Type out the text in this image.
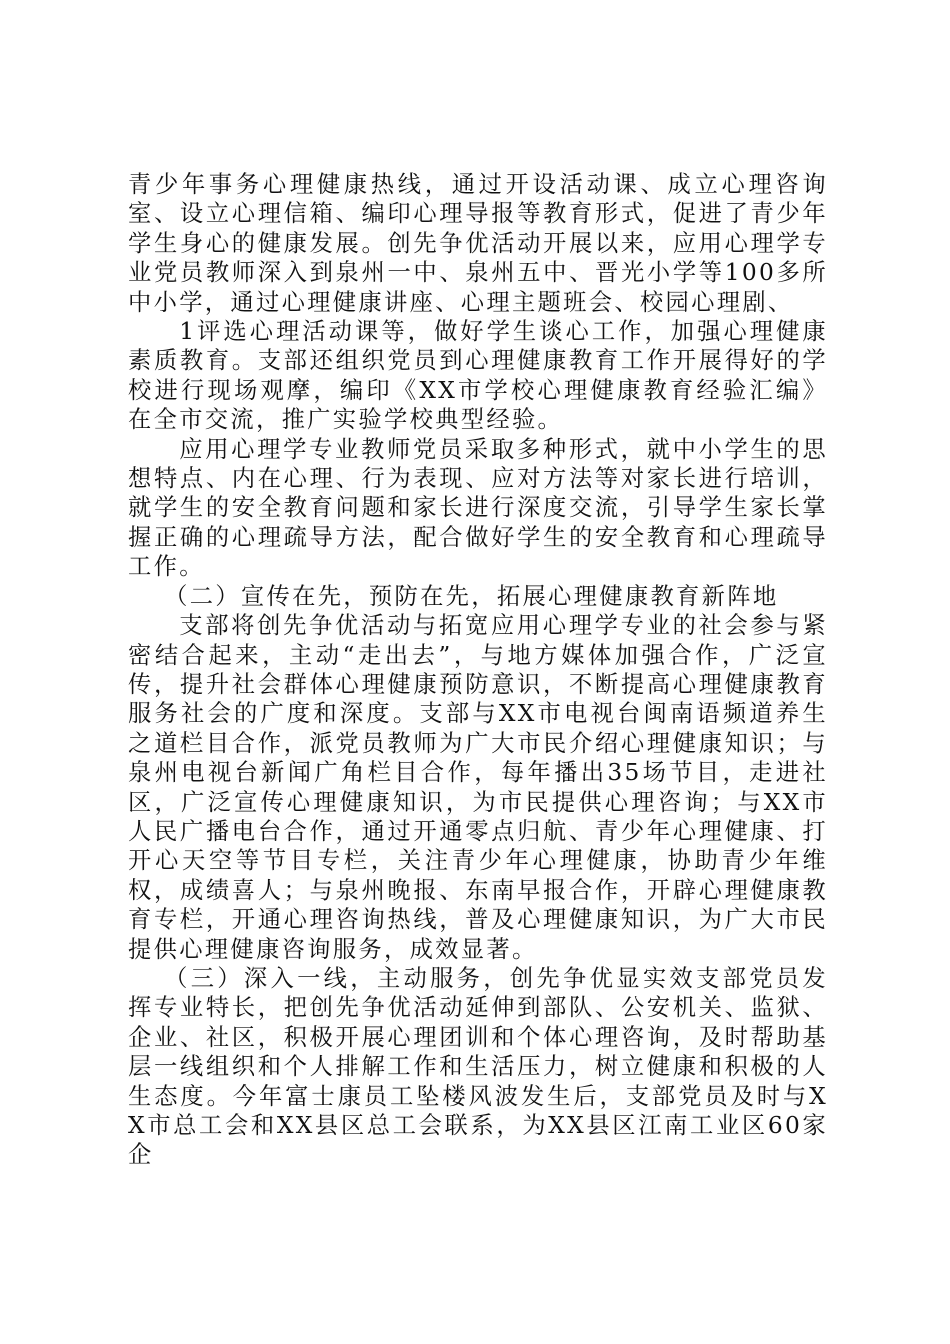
青少年事务心理健康热线，通过开设活动课、成立心理咨询室、设立心理信箱、编印心理导报等教育形式，促进了青少年学生身心的健康发展。创先争优活动开展以来，应用心理学专业党员教师深入到泉州一中、泉州五中、晋光小学等100多所中小学，通过心理健康讲座、心理主题班会、校园心理剧、

1评选心理活动课等，做好学生谈心工作，加强心理健康素质教育。支部还组织党员到心理健康教育工作开展得好的学校进行现场观摩，编印《XX市学校心理健康教育经验汇编》在全市交流，推广实验学校典型经验。

应用心理学专业教师党员采取多种形式，就中小学生的思想特点、内在心理、行为表现、应对方法等对家长进行培训，就学生的安全教育问题和家长进行深度交流，引导学生家长掌握正确的心理疏导方法，配合做好学生的安全教育和心理疏导工作。

（二）宣传在先，预防在先，拓展心理健康教育新阵地

支部将创先争优活动与拓宽应用心理学专业的社会参与紧密结合起来，主动“走出去”，与地方媒体加强合作，广泛宣传，提升社会群体心理健康预防意识，不断提高心理健康教育服务社会的广度和深度。支部与XX市电视台闽南语频道养生之道栏目合作，派党员教师为广大市民介绍心理健康知识；与泉州电视台新闻广角栏目合作，每年播出35场节目，走进社区，广泛宣传心理健康知识，为市民提供心理咨询；与XX市人民广播电台合作，通过开通零点归航、青少年心理健康、打开心天空等节目专栏，关注青少年心理健康，协助青少年维权，成绩喜人；与泉州晚报、东南早报合作，开辟心理健康教育专栏，开通心理咨询热线，普及心理健康知识，为广大市民提供心理健康咨询服务，成效显著。

（三）深入一线，主动服务，创先争优显实效支部党员发挥专业特长，把创先争优活动延伸到部队、公安机关、监狱、企业、社区，积极开展心理团训和个体心理咨询，及时帮助基层一线组织和个人排解工作和生活压力，树立健康和积极的人生态度。今年富士康员工坠楼风波发生后，支部党员及时与XX市总工会和XX县区总工会联系，为XX县区江南工业区60家企
